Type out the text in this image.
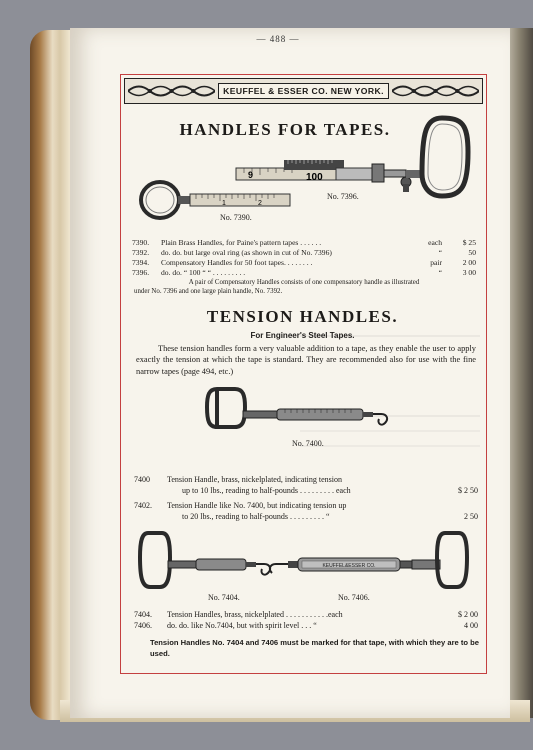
— 488 —
KEUFFEL & ESSER CO. NEW YORK.
HANDLES FOR TAPES.
1	2
No. 7390.
9	100
No. 7396.
7390. Plain Brass Handles, for Paine's pattern tapes . . . . . .	each	$ 25
7392. do. do. but large oval ring (as shown in cut of No. 7396)	“	50
7394. Compensatory Handles for 50 foot tapes. . . . . . . .	pair	2 00
7396. do. do. “ 100 “ “ . . . . . . . . .	“	3 00
A pair of Compensatory Handles consists of one compensatory handle as illustrated
under No. 7396 and one large plain handle, No. 7392.
TENSION HANDLES.
For Engineer's Steel Tapes.
These tension handles form a very valuable addition to a tape, as they enable the user to apply exactly the tension at which the tape is standard. They are recommended also for use with the fine narrow tapes (page 494, etc.)
No. 7400.
7400 Tension Handle, brass, nickelplated, indicating tension
up to 10 lbs., reading to half-pounds . . . . . . . . . each	$ 2 50
7402. Tension Handle like No. 7400, but indicating tension up
to 20 lbs., reading to half-pounds . . . . . . . . . “	2 50
KEUFFEL&ESSER CO.
No. 7404.	No. 7406.
7404. Tension Handles, brass, nickelplated . . . . . . . . . . .each	$ 2 00
7406. do. do. like No.7404, but with spirit level . . . “	4 00
Tension Handles No. 7404 and 7406 must be marked for that tape, with which they are to be used.
